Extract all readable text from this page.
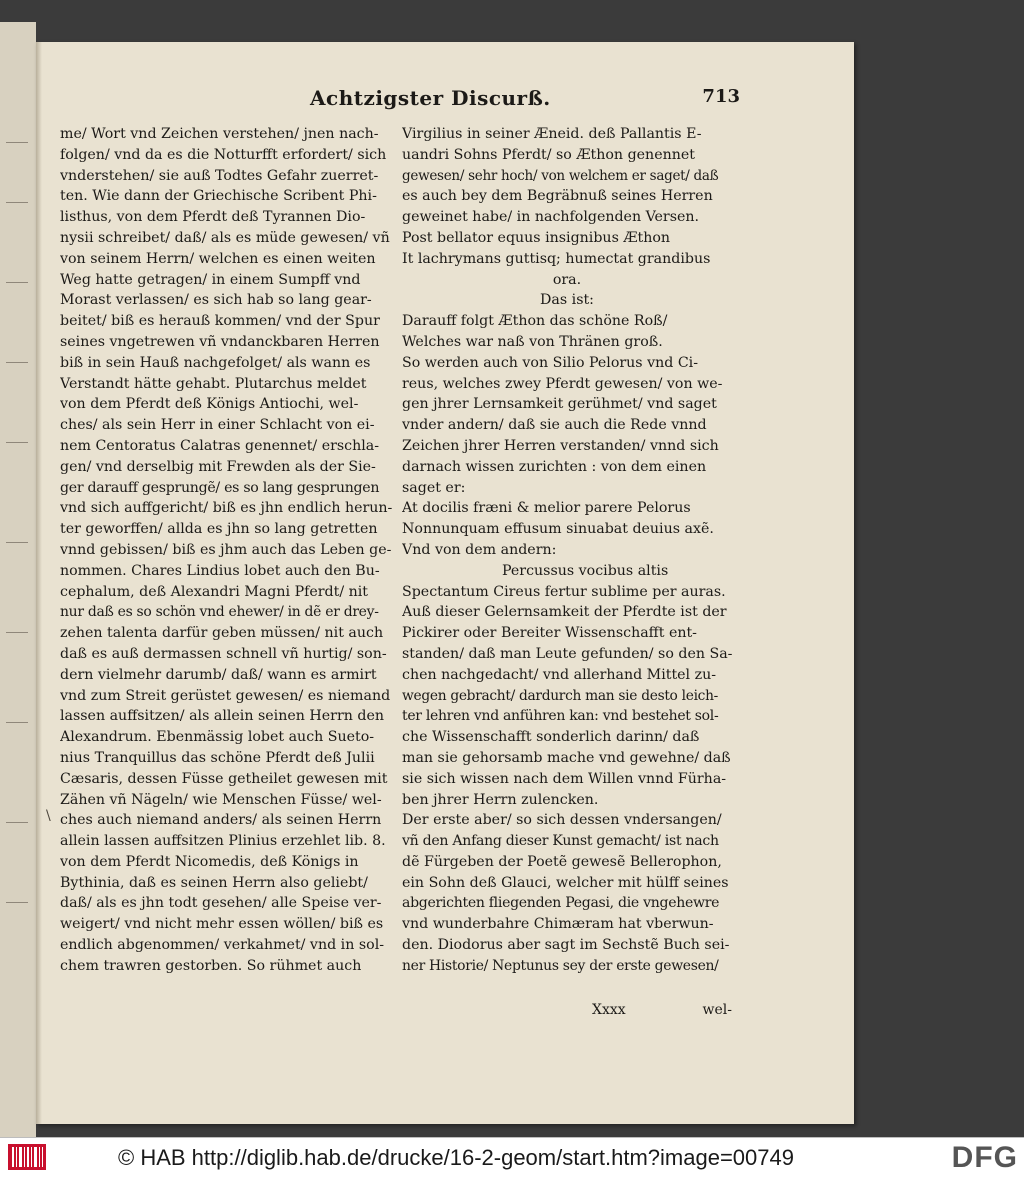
Achtzigster Discurß.	713
me/ Wort vnd Zeichen verstehen/ jnen nach-
folgen/ vnd da es die Notturfft erfordert/ sich
vnderstehen/ sie auß Todtes Gefahr zuerret-
ten. Wie dann der Griechische Scribent Phi-
listhus, von dem Pferdt deß Tyrannen Dio-
nysii schreibet/ daß/ als es müde gewesen/ vñ
von seinem Herrn/ welchen es einen weiten
Weg hatte getragen/ in einem Sumpff vnd
Morast verlassen/ es sich hab so lang gear-
beitet/ biß es herauß kommen/ vnd der Spur
seines vngetrewen vñ vndanckbaren Herren
biß in sein Hauß nachgefolget/ als wann es
Verstandt hätte gehabt. Plutarchus meldet
von dem Pferdt deß Königs Antiochi, wel-
ches/ als sein Herr in einer Schlacht von ei-
nem Centoratus Calatras genennet/ erschla-
gen/ vnd derselbig mit Frewden als der Sie-
ger darauff gesprungẽ/ es so lang gesprungen
vnd sich auffgericht/ biß es jhn endlich herun-
ter geworffen/ allda es jhn so lang getretten
vnnd gebissen/ biß es jhm auch das Leben ge-
nommen. Chares Lindius lobet auch den Bu-
cephalum, deß Alexandri Magni Pferdt/ nit
nur daß es so schön vnd ehewer/ in dẽ er drey-
zehen talenta darfür geben müssen/ nit auch
daß es auß dermassen schnell vñ hurtig/ son-
dern vielmehr darumb/ daß/ wann es armirt
vnd zum Streit gerüstet gewesen/ es niemand
lassen auffsitzen/ als allein seinen Herrn den
Alexandrum. Ebenmässig lobet auch Sueto-
nius Tranquillus das schöne Pferdt deß Julii
Cæsaris, dessen Füsse getheilet gewesen mit
Zähen vñ Nägeln/ wie Menschen Füsse/ wel-
ches auch niemand anders/ als seinen Herrn
allein lassen auffsitzen Plinius erzehlet lib. 8.
von dem Pferdt Nicomedis, deß Königs in
Bythinia, daß es seinen Herrn also geliebt/
daß/ als es jhn todt gesehen/ alle Speise ver-
weigert/ vnd nicht mehr essen wöllen/ biß es
endlich abgenommen/ verkahmet/ vnd in sol-
chem trawren gestorben. So rühmet auch
Virgilius in seiner Æneid. deß Pallantis E-
uandri Sohns Pferdt/ so Æthon genennet
gewesen/ sehr hoch/ von welchem er saget/ daß
es auch bey dem Begräbnuß seines Herren
geweinet habe/ in nachfolgenden Versen.
Post bellator equus insignibus Æthon
It lachrymans guttisq; humectat grandibus
ora.
Das ist:
Darauff folgt Æthon das schöne Roß/
Welches war naß von Thränen groß.
So werden auch von Silio Pelorus vnd Ci-
reus, welches zwey Pferdt gewesen/ von we-
gen jhrer Lernsamkeit gerühmet/ vnd saget
vnder andern/ daß sie auch die Rede vnnd
Zeichen jhrer Herren verstanden/ vnnd sich
darnach wissen zurichten : von dem einen
saget er:
At docilis fræni & melior parere Pelorus
Nonnunquam effusum sinuabat deuius axẽ.
Vnd von dem andern:
Percussus vocibus altis
Spectantum Cireus fertur sublime per auras.
Auß dieser Gelernsamkeit der Pferdte ist der
Pickirer oder Bereiter Wissenschafft ent-
standen/ daß man Leute gefunden/ so den Sa-
chen nachgedacht/ vnd allerhand Mittel zu-
wegen gebracht/ dardurch man sie desto leich-
ter lehren vnd anführen kan: vnd bestehet sol-
che Wissenschafft sonderlich darinn/ daß
man sie gehorsamb mache vnd gewehne/ daß
sie sich wissen nach dem Willen vnnd Fürha-
ben jhrer Herrn zulencken.
Der erste aber/ so sich dessen vndersangen/
vñ den Anfang dieser Kunst gemacht/ ist nach
dẽ Fürgeben der Poetẽ gewesẽ Bellerophon,
ein Sohn deß Glauci, welcher mit hülff seines
abgerichten fliegenden Pegasi, die vngehewre
vnd wunderbahre Chimæram hat vberwun-
den. Diodorus aber sagt im Sechstẽ Buch sei-
ner Historie/ Neptunus sey der erste gewesen/
\
Xxxx	wel-
© HAB http://diglib.hab.de/drucke/16-2-geom/start.htm?image=00749	DFG
